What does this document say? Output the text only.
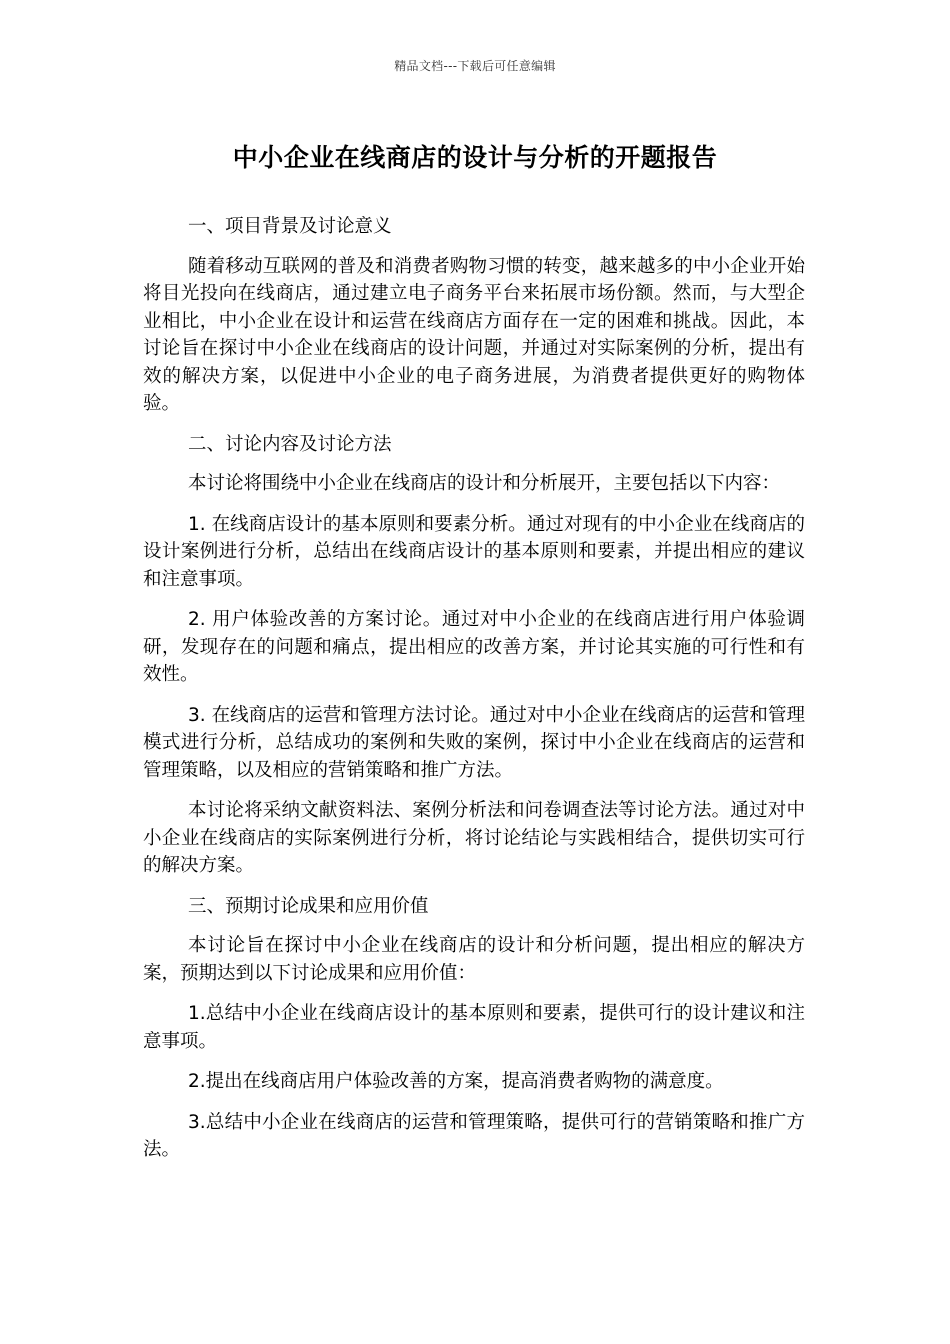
精品文档---下载后可任意编辑
中小企业在线商店的设计与分析的开题报告

一、项目背景及讨论意义

随着移动互联网的普及和消费者购物习惯的转变，越来越多的中小企业开始将目光投向在线商店，通过建立电子商务平台来拓展市场份额。然而，与大型企业相比，中小企业在设计和运营在线商店方面存在一定的困难和挑战。因此，本讨论旨在探讨中小企业在线商店的设计问题，并通过对实际案例的分析，提出有效的解决方案，以促进中小企业的电子商务进展，为消费者提供更好的购物体验。

二、讨论内容及讨论方法

本讨论将围绕中小企业在线商店的设计和分析展开，主要包括以下内容：

1. 在线商店设计的基本原则和要素分析。通过对现有的中小企业在线商店的设计案例进行分析，总结出在线商店设计的基本原则和要素，并提出相应的建议和注意事项。

2. 用户体验改善的方案讨论。通过对中小企业的在线商店进行用户体验调研，发现存在的问题和痛点，提出相应的改善方案，并讨论其实施的可行性和有效性。

3. 在线商店的运营和管理方法讨论。通过对中小企业在线商店的运营和管理模式进行分析，总结成功的案例和失败的案例，探讨中小企业在线商店的运营和管理策略，以及相应的营销策略和推广方法。

本讨论将采纳文献资料法、案例分析法和问卷调查法等讨论方法。通过对中小企业在线商店的实际案例进行分析，将讨论结论与实践相结合，提供切实可行的解决方案。

三、预期讨论成果和应用价值

本讨论旨在探讨中小企业在线商店的设计和分析问题，提出相应的解决方案，预期达到以下讨论成果和应用价值：

1.总结中小企业在线商店设计的基本原则和要素，提供可行的设计建议和注意事项。

2.提出在线商店用户体验改善的方案，提高消费者购物的满意度。

3.总结中小企业在线商店的运营和管理策略，提供可行的营销策略和推广方法。
